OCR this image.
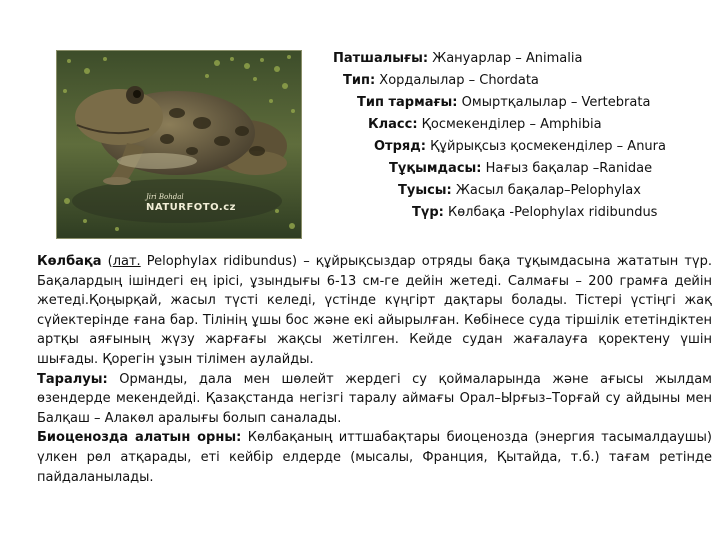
Jiri Bohdal
NATURFOTO.cz
Патшалығы: Жануарлар – Animalia
Тип: Хордалылар – Chordata
Тип тармағы: Омыртқалылар – Vertebrata
Класс: Қосмекенділер – Amphibia
Отряд: Құйрықсыз қосмекенділер – Anura
Тұқымдасы: Нағыз бақалар –Ranidae
Туысы: Жасыл бақалар–Pelophylax
Түр: Көлбақа -Pelophylax ridibundus

Көлбақа (лат. Pelophylax ridibundus) – құйрықсыздар отряды бақа тұқымдасына жататын түр. Бақалардың ішіндегі ең ірісі, ұзындығы 6-13 см-ге дейін жетеді. Салмағы – 200 грамға дейін жетеді.Қоңырқай, жасыл түсті келеді, үстінде күңгірт дақтары болады. Тістері үстіңгі жақ сүйектерінде ғана бар. Тілінің ұшы бос және екі айырылған. Көбінесе суда тіршілік ететіндіктен артқы аяғының жүзу жарғағы жақсы жетілген. Кейде судан жағалауға қоректену үшін шығады. Қорегін ұзын тілімен аулайды.

Таралуы: Орманды, дала мен шөлейт жердегі су қоймаларында және ағысы жылдам өзендерде мекендейді. Қазақстанда негізгі таралу аймағы Орал–Ырғыз–Торғай су айдыны мен Балқаш – Алакөл аралығы болып саналады.

Биоценозда алатын орны: Көлбақаның иттшабақтары биоценозда (энергия тасымалдаушы) үлкен рөл атқарады, еті кейбір елдерде (мысалы, Франция, Қытайда, т.б.) тағам ретінде пайдаланылады.
